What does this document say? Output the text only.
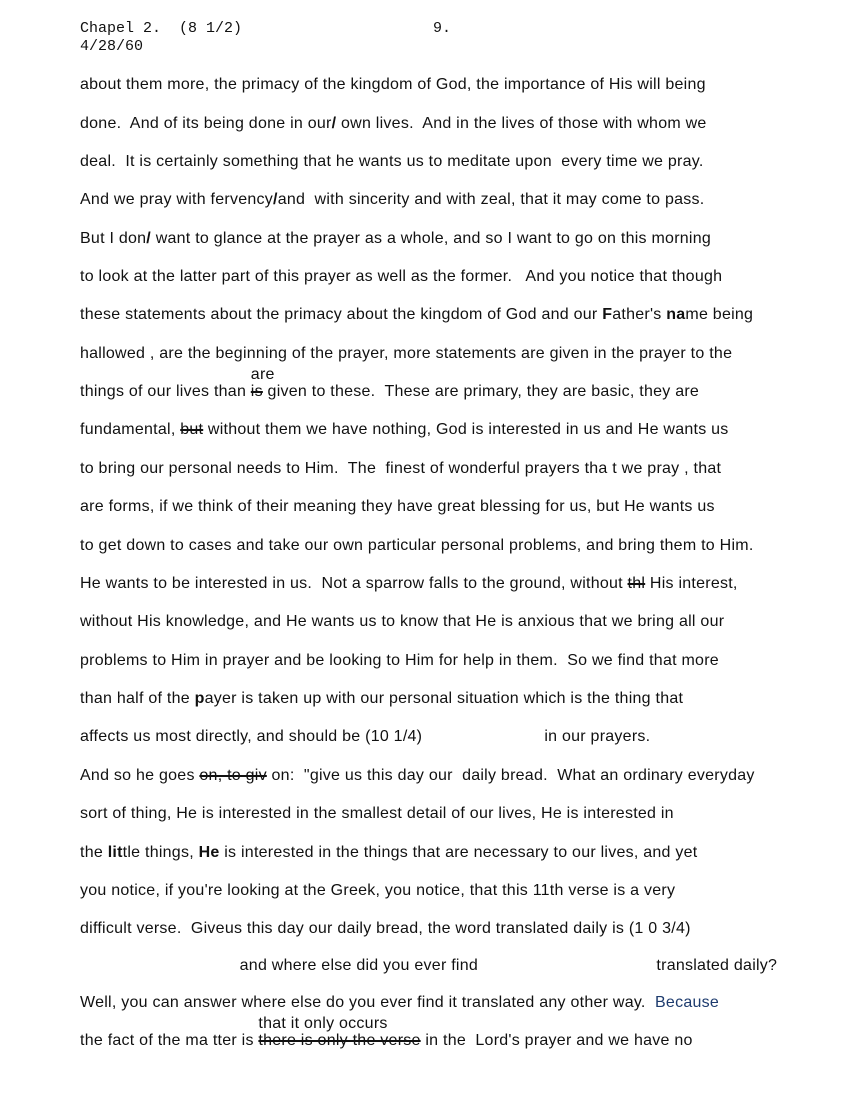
Chapel 2.  (8 1/2)	9.
4/28/60
about them more, the primacy of the kingdom of God, the importance of His will being
done.  And of its being done in our/ own lives.  And in the lives of those with whom we
deal.  It is certainly something that he wants us to meditate upon  every time we pray.
And we pray with fervency/and  with sincerity and with zeal, that it may come to pass.
But I don/ want to glance at the prayer as a whole, and so I want to go on this morning
to look at the latter part of this prayer as well as the former.   And you notice that though
these statements about the primacy about the kingdom of God and our Father's name being
hallowed , are the beginning of the prayer, more statements are given in the prayer to the
things of our lives than
are
is given to these.  These are primary, they are basic, they are
fundamental, but without them we have nothing, God is interested in us and He wants us
to bring our personal needs to Him.  The  finest of wonderful prayers tha t we pray , that
are forms, if we think of their meaning they have great blessing for us, but He wants us
to get down to cases and take our own particular personal problems, and bring them to Him.
He wants to be interested in us.  Not a sparrow falls to the ground, without thl His interest,
without His knowledge, and He wants us to know that He is anxious that we bring all our
problems to Him in prayer and be looking to Him for help in them.  So we find that more
than half of the payer is taken up with our personal situation which is the thing that
affects us most directly, and should be (10 1/4)                          in our prayers.
And so he goes on, to giv on:  "give us this day our  daily bread.  What an ordinary everyday
sort of thing, He is interested in the smallest detail of our lives, He is interested in
the little things, He is interested in the things that are necessary to our lives, and yet
you notice, if you're looking at the Greek, you notice, that this 11th verse is a very
difficult verse.  Giveus this day our daily bread, the word translated daily is (1 0 3/4)
and where else did you ever find                                      translated daily?
Well, you can answer where else do you ever find it translated any other way.  Because
the fact of the ma tter is
that it only occurs
there is only the verse in the  Lord's prayer and we have no
